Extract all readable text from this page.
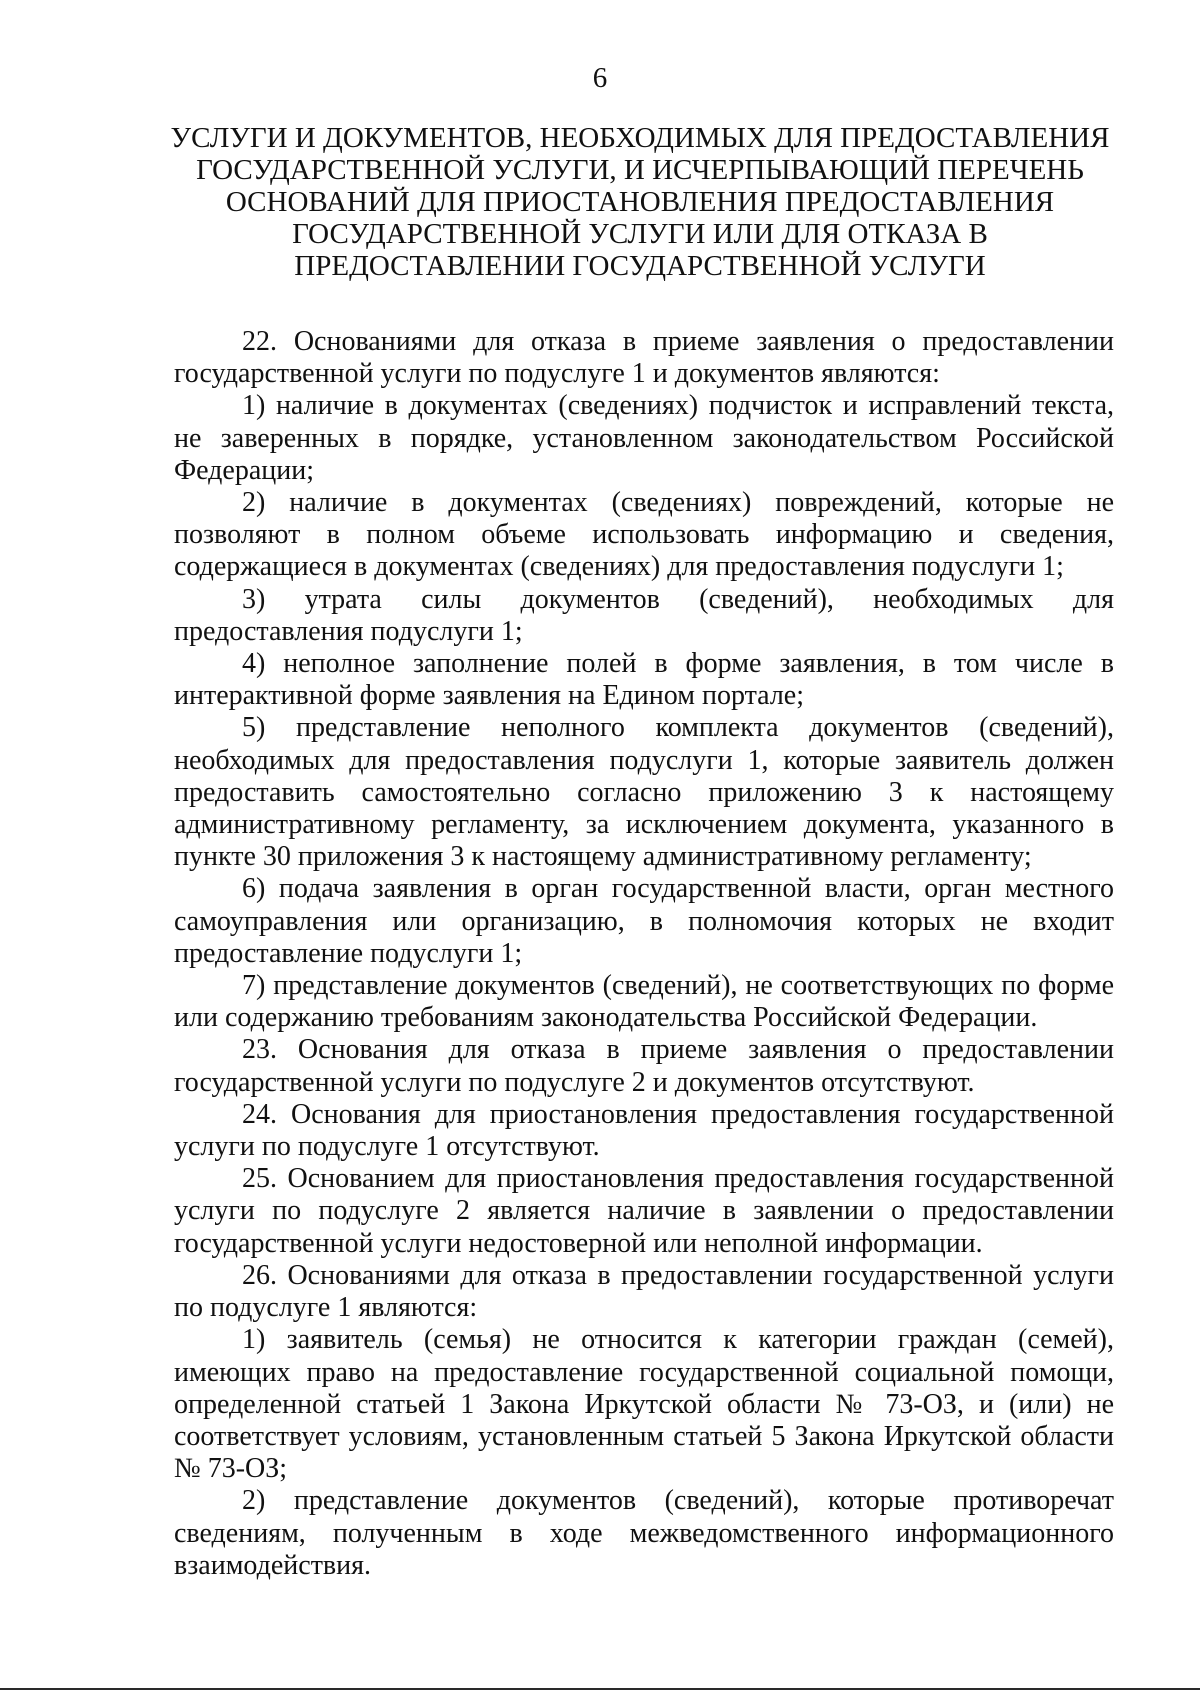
6
УСЛУГИ И ДОКУМЕНТОВ, НЕОБХОДИМЫХ ДЛЯ ПРЕДОСТАВЛЕНИЯ
ГОСУДАРСТВЕННОЙ УСЛУГИ, И ИСЧЕРПЫВАЮЩИЙ ПЕРЕЧЕНЬ
ОСНОВАНИЙ ДЛЯ ПРИОСТАНОВЛЕНИЯ ПРЕДОСТАВЛЕНИЯ
ГОСУДАРСТВЕННОЙ УСЛУГИ ИЛИ ДЛЯ ОТКАЗА В
ПРЕДОСТАВЛЕНИИ ГОСУДАРСТВЕННОЙ УСЛУГИ

22. Основаниями для отказа в приеме заявления о предоставлении государственной услуги по подуслуге 1 и документов являются:

1) наличие в документах (сведениях) подчисток и исправлений текста, не заверенных в порядке, установленном законодательством Российской Федерации;

2) наличие в документах (сведениях) повреждений, которые не позволяют в полном объеме использовать информацию и сведения, содержащиеся в документах (сведениях) для предоставления подуслуги 1;

3) утрата силы документов (сведений), необходимых для предоставления подуслуги 1;

4) неполное заполнение полей в форме заявления, в том числе в интерактивной форме заявления на Едином портале;

5) представление неполного комплекта документов (сведений), необходимых для предоставления подуслуги 1, которые заявитель должен предоставить самостоятельно согласно приложению 3 к настоящему административному регламенту, за исключением документа, указанного в пункте 30 приложения 3 к настоящему административному регламенту;

6) подача заявления в орган государственной власти, орган местного самоуправления или организацию, в полномочия которых не входит предоставление подуслуги 1;

7) представление документов (сведений), не соответствующих по форме или содержанию требованиям законодательства Российской Федерации.

23. Основания для отказа в приеме заявления о предоставлении государственной услуги по подуслуге 2 и документов отсутствуют.

24. Основания для приостановления предоставления государственной услуги по подуслуге 1 отсутствуют.

25. Основанием для приостановления предоставления государственной услуги по подуслуге 2 является наличие в заявлении о предоставлении государственной услуги недостоверной или неполной информации.

26. Основаниями для отказа в предоставлении государственной услуги по подуслуге 1 являются:

1) заявитель (семья) не относится к категории граждан (семей), имеющих право на предоставление государственной социальной помощи, определенной статьей 1 Закона Иркутской области № 73-ОЗ, и (или) не соответствует условиям, установленным статьей 5 Закона Иркутской области № 73-ОЗ;

2) представление документов (сведений), которые противоречат сведениям, полученным в ходе межведомственного информационного взаимодействия.
